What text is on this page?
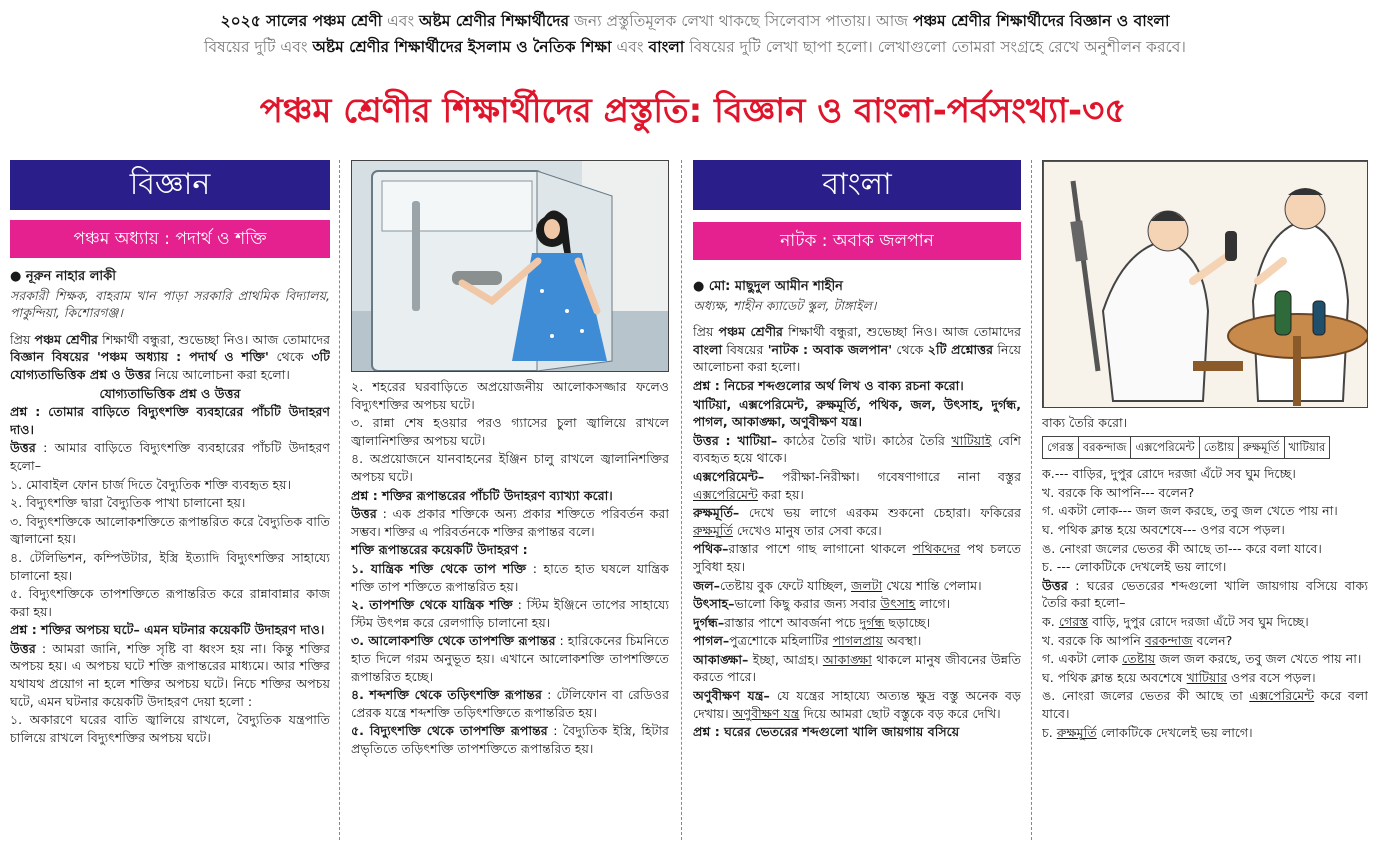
২০২৫ সালের পঞ্চম শ্রেণী এবং অষ্টম শ্রেণীর শিক্ষার্থীদের জন্য প্রস্তুতিমূলক লেখা থাকছে সিলেবাস পাতায়। আজ পঞ্চম শ্রেণীর শিক্ষার্থীদের বিজ্ঞান ও বাংলা
বিষয়ের দুটি এবং অষ্টম শ্রেণীর শিক্ষার্থীদের ইসলাম ও নৈতিক শিক্ষা এবং বাংলা বিষয়ের দুটি লেখা ছাপা হলো। লেখাগুলো তোমরা সংগ্রহে রেখে অনুশীলন করবে।
পঞ্চম শ্রেণীর শিক্ষার্থীদের প্রস্তুতি: বিজ্ঞান ও বাংলা-পর্বসংখ্যা-৩৫
বিজ্ঞান
পঞ্চম অধ্যায় : পদার্থ ও শক্তি

● নূরুন নাহার লাকী

সরকারী শিক্ষক, বাহরাম খান পাড়া সরকারি প্রাথমিক বিদ্যালয়, পাকুন্দিয়া, কিশোরগঞ্জ।

প্রিয় পঞ্চম শ্রেণীর শিক্ষার্থী বন্ধুরা, শুভেচ্ছা নিও। আজ তোমাদের বিজ্ঞান বিষয়ের 'পঞ্চম অধ্যায় : পদার্থ ও শক্তি' থেকে ৩টি যোগ্যতাভিত্তিক প্রশ্ন ও উত্তর নিয়ে আলোচনা করা হলো।

যোগ্যতাভিত্তিক প্রশ্ন ও উত্তর

প্রশ্ন : তোমার বাড়িতে বিদ্যুৎশক্তি ব্যবহারের পাঁচটি উদাহরণ দাও।

উত্তর : আমার বাড়িতে বিদ্যুৎশক্তি ব্যবহারের পাঁচটি উদাহরণ হলো–

১. মোবাইল ফোন চার্জ দিতে বৈদ্যুতিক শক্তি ব্যবহৃত হয়।

২. বিদ্যুৎশক্তি দ্বারা বৈদ্যুতিক পাখা চালানো হয়।

৩. বিদ্যুৎশক্তিকে আলোকশক্তিতে রূপান্তরিত করে বৈদ্যুতিক বাতি জ্বালানো হয়।

৪. টেলিভিশন, কম্পিউটার, ইস্ত্রি ইত্যাদি বিদ্যুৎশক্তির সাহায্যে চালানো হয়।

৫. বিদ্যুৎশক্তিকে তাপশক্তিতে রূপান্তরিত করে রান্নাবান্নার কাজ করা হয়।

প্রশ্ন : শক্তির অপচয় ঘটে– এমন ঘটনার কয়েকটি উদাহরণ দাও।

উত্তর : আমরা জানি, শক্তি সৃষ্টি বা ধ্বংস হয় না। কিন্তু শক্তির অপচয় হয়। এ অপচয় ঘটে শক্তি রূপান্তরের মাধ্যমে। আর শক্তির যথাযথ প্রয়োগ না হলে শক্তির অপচয় ঘটে। নিচে শক্তির অপচয় ঘটে, এমন ঘটনার কয়েকটি উদাহরণ দেয়া হলো :

১. অকারণে ঘরের বাতি জ্বালিয়ে রাখলে, বৈদ্যুতিক যন্ত্রপাতি চালিয়ে রাখলে বিদ্যুৎশক্তির অপচয় ঘটে।

২. শহরের ঘরবাড়িতে অপ্রয়োজনীয় আলোকসজ্জার ফলেও বিদ্যুৎশক্তির অপচয় ঘটে।

৩. রান্না শেষ হওয়ার পরও গ্যাসের চুলা জ্বালিয়ে রাখলে জ্বালানিশক্তির অপচয় ঘটে।

৪. অপ্রয়োজনে যানবাহনের ইঞ্জিন চালু রাখলে জ্বালানিশক্তির অপচয় ঘটে।

প্রশ্ন : শক্তির রূপান্তরের পাঁচটি উদাহরণ ব্যাখ্যা করো।

উত্তর : এক প্রকার শক্তিকে অন্য প্রকার শক্তিতে পরিবর্তন করা সম্ভব। শক্তির এ পরিবর্তনকে শক্তির রূপান্তর বলে।

শক্তি রূপান্তরের কয়েকটি উদাহরণ :

১. যান্ত্রিক শক্তি থেকে তাপ শক্তি : হাতে হাত ঘষলে যান্ত্রিক শক্তি তাপ শক্তিতে রূপান্তরিত হয়।

২. তাপশক্তি থেকে যান্ত্রিক শক্তি : স্টিম ইঞ্জিনে তাপের সাহায্যে স্টিম উৎপন্ন করে রেলগাড়ি চালানো হয়।

৩. আলোকশক্তি থেকে তাপশক্তি রূপান্তর : হারিকেনের চিমনিতে হাত দিলে গরম অনুভূত হয়। এখানে আলোকশক্তি তাপশক্তিতে রূপান্তরিত হচ্ছে।

৪. শব্দশক্তি থেকে তড়িৎশক্তি রূপান্তর : টেলিফোন বা রেডিওর প্রেরক যন্ত্রে শব্দশক্তি তড়িৎশক্তিতে রূপান্তরিত হয়।

৫. বিদ্যুৎশক্তি থেকে তাপশক্তি রূপান্তর : বৈদ্যুতিক ইস্ত্রি, হিটার প্রভৃতিতে তড়িৎশক্তি তাপশক্তিতে রূপান্তরিত হয়।

বাংলা
নাটক : অবাক জলপান

● মো: মাছুদুল আমীন শাহীন

অধ্যক্ষ, শাহীন ক্যাডেট স্কুল, টাঙ্গাইল।

প্রিয় পঞ্চম শ্রেণীর শিক্ষার্থী বন্ধুরা, শুভেচ্ছা নিও। আজ তোমাদের বাংলা বিষয়ের 'নাটক : অবাক জলপান' থেকে ২টি প্রশ্নোত্তর নিয়ে আলোচনা করা হলো।

প্রশ্ন : নিচের শব্দগুলোর অর্থ লিখ ও বাক্য রচনা করো।

খাটিয়া, এক্সপেরিমেন্ট, রুক্ষমূর্তি, পথিক, জল, উৎসাহ, দুর্গন্ধ, পাগল, আকাঙ্ক্ষা, অণুবীক্ষণ যন্ত্র।

উত্তর : খাটিয়া– কাঠের তৈরি খাট। কাঠের তৈরি খাটিয়াই বেশি ব্যবহৃত হয়ে থাকে।

এক্সপেরিমেন্ট– পরীক্ষা-নিরীক্ষা। গবেষণাগারে নানা বস্তুর এক্সপেরিমেন্ট করা হয়।

রুক্ষমূর্তি– দেখে ভয় লাগে এরকম শুকনো চেহারা। ফকিরের রুক্ষমূর্তি দেখেও মানুষ তার সেবা করে।

পথিক–রাস্তার পাশে গাছ লাগানো থাকলে পথিকদের পথ চলতে সুবিধা হয়।

জল–তেষ্টায় বুক ফেটে যাচ্ছিল, জলটা খেয়ে শান্তি পেলাম।

উৎসাহ–ভালো কিছু করার জন্য সবার উৎসাহ লাগে।

দুর্গন্ধ–রাস্তার পাশে আবর্জনা পচে দুর্গন্ধ ছড়াচ্ছে।

পাগল–পুত্রশোকে মহিলাটির পাগলপ্রায় অবস্থা।

আকাঙ্ক্ষা– ইচ্ছা, আগ্রহ। আকাঙ্ক্ষা থাকলে মানুষ জীবনের উন্নতি করতে পারে।

অণুবীক্ষণ যন্ত্র– যে যন্ত্রের সাহায্যে অত্যন্ত ক্ষুদ্র বস্তু অনেক বড় দেখায়। অণুবীক্ষণ যন্ত্র দিয়ে আমরা ছোট বস্তুকে বড় করে দেখি।

প্রশ্ন : ঘরের ভেতরের শব্দগুলো খালি জায়গায় বসিয়ে

বাক্য তৈরি করো।

গেরস্ত	বরকন্দাজ	এক্সপেরিমেন্ট	তেষ্টায়	রুক্ষমূর্তি	খাটিয়ার

ক.--- বাড়ির, দুপুর রোদে দরজা এঁটে সব ঘুম দিচ্ছে।

খ. বরকে কি আপনি--- বলেন?

গ. একটা লোক--- জল জল করছে, তবু জল খেতে পায় না।

ঘ. পথিক ক্লান্ত হয়ে অবশেষে--- ওপর বসে পড়ল।

ঙ. নোংরা জলের ভেতর কী আছে তা--- করে বলা যাবে।

চ. --- লোকটিকে দেখলেই ভয় লাগে।

উত্তর : ঘরের ভেতরের শব্দগুলো খালি জায়গায় বসিয়ে বাক্য তৈরি করা হলো–

ক. গেরস্ত বাড়ি, দুপুর রোদে দরজা এঁটে সব ঘুম দিচ্ছে।

খ. বরকে কি আপনি বরকন্দাজ বলেন?

গ. একটা লোক তেষ্টায় জল জল করছে, তবু জল খেতে পায় না।

ঘ. পথিক ক্লান্ত হয়ে অবশেষে খাটিয়ার ওপর বসে পড়ল।

ঙ. নোংরা জলের ভেতর কী আছে তা এক্সপেরিমেন্ট করে বলা যাবে।

চ. রুক্ষমূর্তি লোকটিকে দেখলেই ভয় লাগে।
